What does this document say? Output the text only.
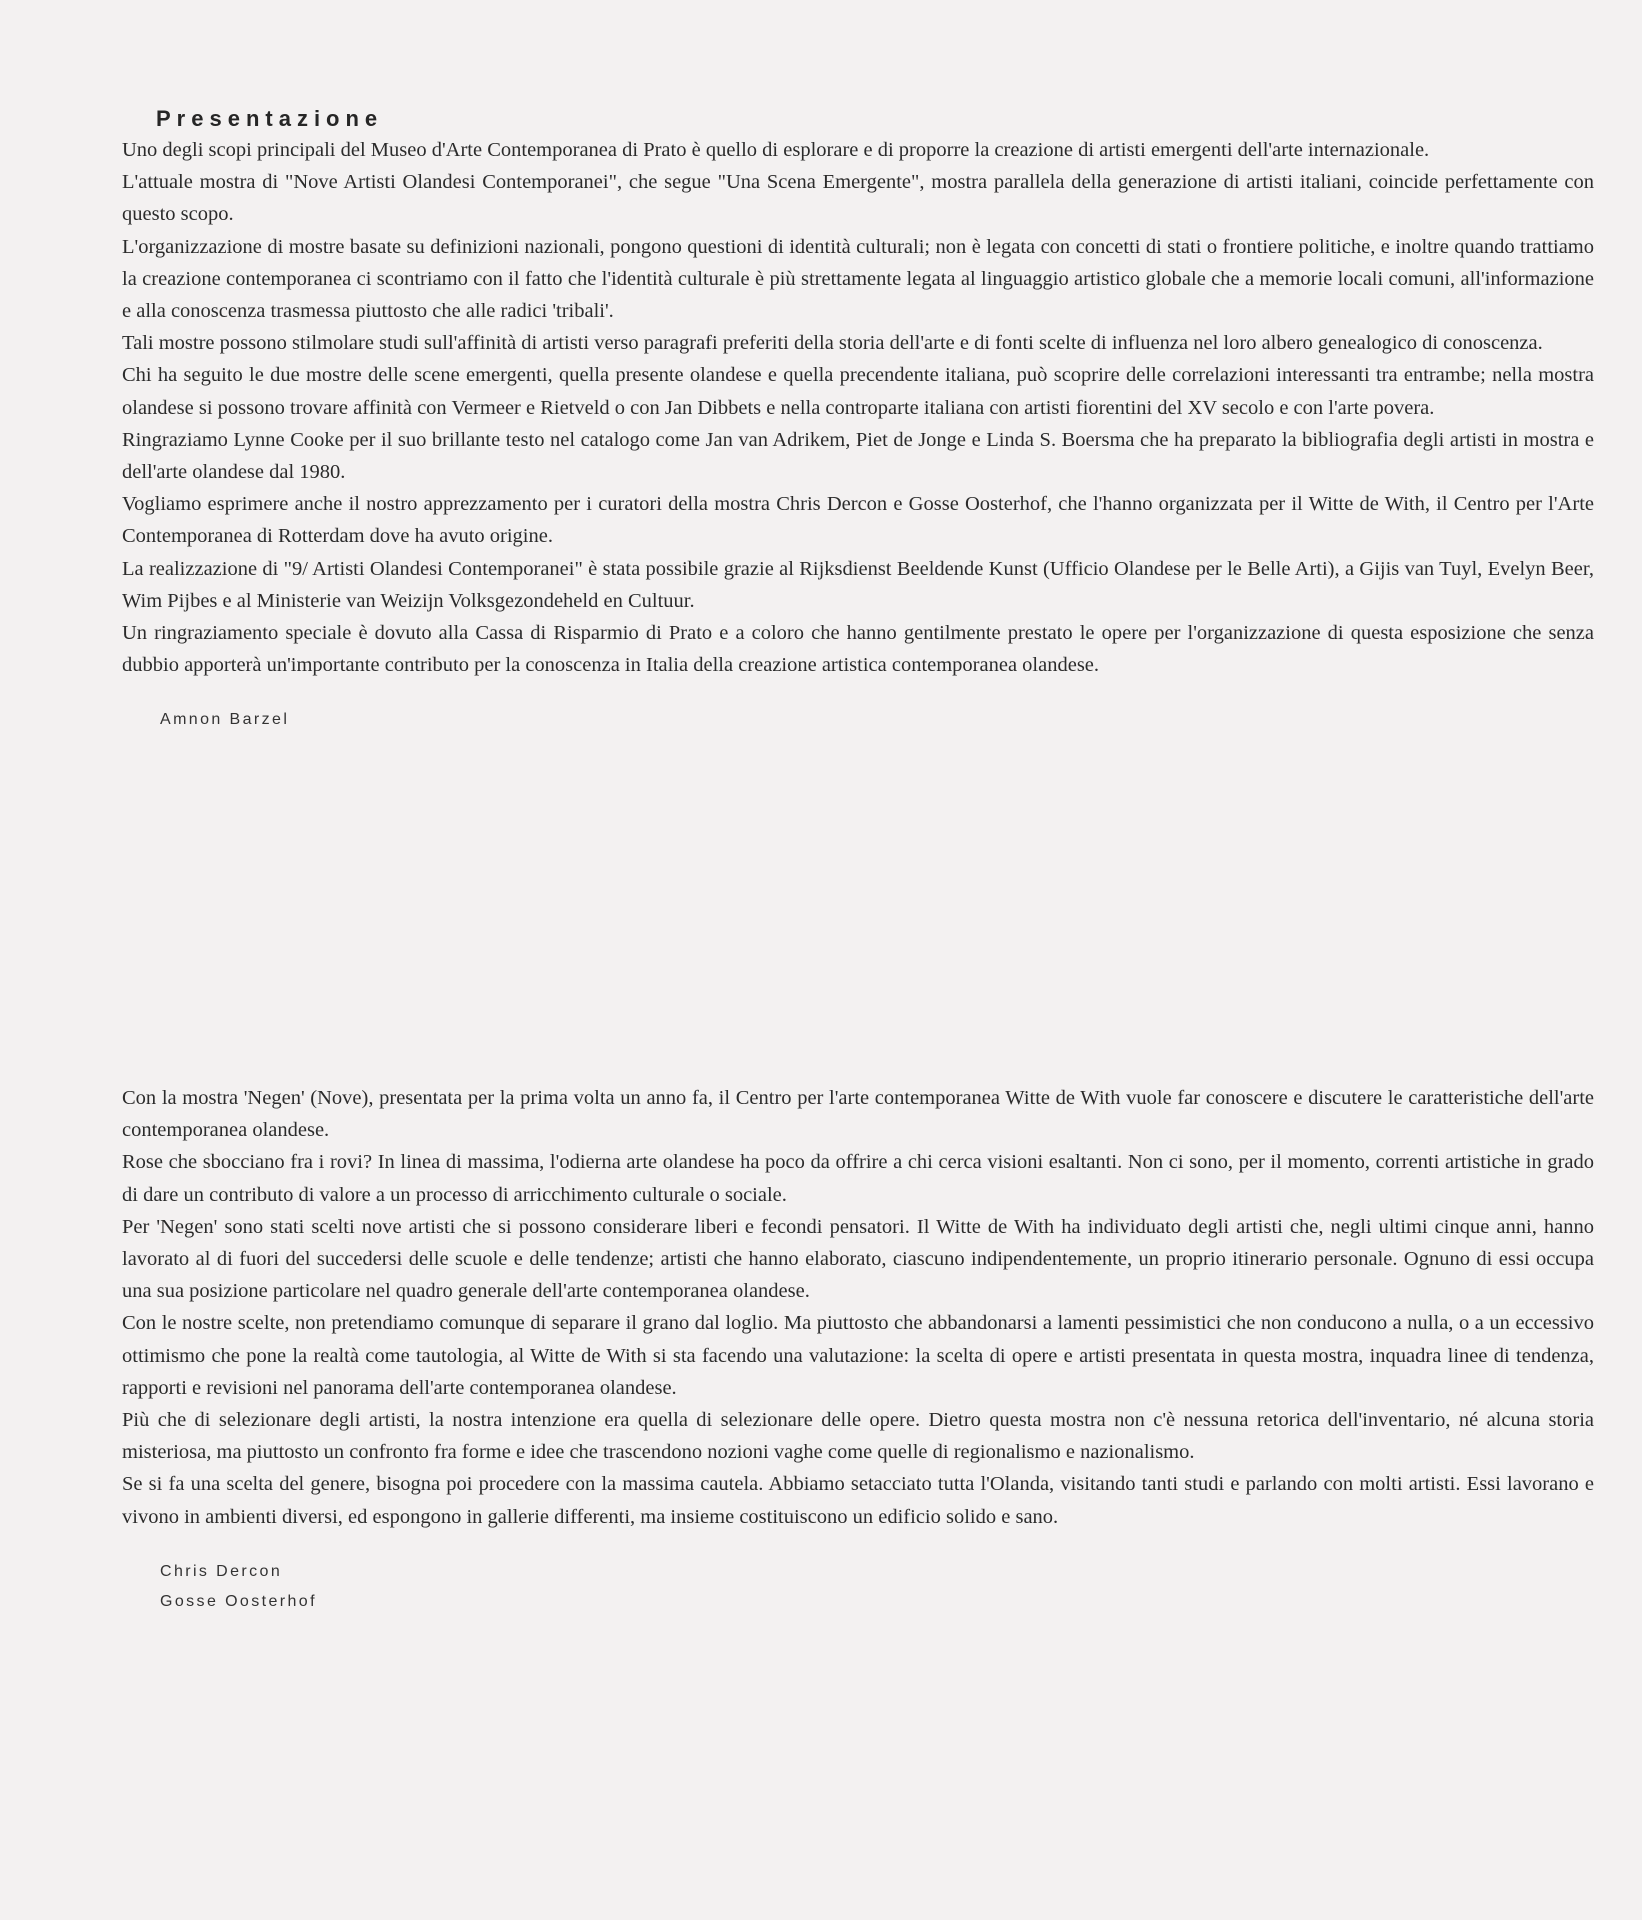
Presentazione

Uno degli scopi principali del Museo d'Arte Contemporanea di Prato è quello di esplorare e di proporre la creazione di artisti emergenti dell'arte internazionale.

L'attuale mostra di "Nove Artisti Olandesi Contemporanei", che segue "Una Scena Emergente", mostra parallela della generazione di artisti italiani, coincide perfettamente con questo scopo.

L'organizzazione di mostre basate su definizioni nazionali, pongono questioni di identità culturali; non è legata con concetti di stati o frontiere politiche, e inoltre quando trattiamo la creazione contemporanea ci scontriamo con il fatto che l'identità culturale è più strettamente legata al linguaggio artistico globale che a memorie locali comuni, all'informazione e alla conoscenza trasmessa piuttosto che alle radici 'tribali'.

Tali mostre possono stilmolare studi sull'affinità di artisti verso paragrafi preferiti della storia dell'arte e di fonti scelte di influenza nel loro albero genealogico di conoscenza.

Chi ha seguito le due mostre delle scene emergenti, quella presente olandese e quella precendente italiana, può scoprire delle correlazioni interessanti tra entrambe; nella mostra olandese si possono trovare affinità con Vermeer e Rietveld o con Jan Dibbets e nella controparte italiana con artisti fiorentini del XV secolo e con l'arte povera.

Ringraziamo Lynne Cooke per il suo brillante testo nel catalogo come Jan van Adrikem, Piet de Jonge e Linda S. Boersma che ha preparato la bibliografia degli artisti in mostra e dell'arte olandese dal 1980.

Vogliamo esprimere anche il nostro apprezzamento per i curatori della mostra Chris Dercon e Gosse Oosterhof, che l'hanno organizzata per il Witte de With, il Centro per l'Arte Contemporanea di Rotterdam dove ha avuto origine.

La realizzazione di "9/ Artisti Olandesi Contemporanei" è stata possibile grazie al Rijksdienst Beeldende Kunst (Ufficio Olandese per le Belle Arti), a Gijis van Tuyl, Evelyn Beer, Wim Pijbes e al Ministerie van Weizijn Volksgezondeheld en Cultuur.

Un ringraziamento speciale è dovuto alla Cassa di Risparmio di Prato e a coloro che hanno gentilmente prestato le opere per l'organizzazione di questa esposizione che senza dubbio apporterà un'importante contributo per la conoscenza in Italia della creazione artistica contemporanea olandese.

Amnon Barzel

Con la mostra 'Negen' (Nove), presentata per la prima volta un anno fa, il Centro per l'arte contemporanea Witte de With vuole far conoscere e discutere le caratteristiche dell'arte contemporanea olandese.

Rose che sbocciano fra i rovi? In linea di massima, l'odierna arte olandese ha poco da offrire a chi cerca visioni esaltanti. Non ci sono, per il momento, correnti artistiche in grado di dare un contributo di valore a un processo di arricchimento culturale o sociale.

Per 'Negen' sono stati scelti nove artisti che si possono considerare liberi e fecondi pensatori. Il Witte de With ha individuato degli artisti che, negli ultimi cinque anni, hanno lavorato al di fuori del succedersi delle scuole e delle tendenze; artisti che hanno elaborato, ciascuno indipendentemente, un proprio itinerario personale. Ognuno di essi occupa una sua posizione particolare nel quadro generale dell'arte contemporanea olandese.

Con le nostre scelte, non pretendiamo comunque di separare il grano dal loglio. Ma piuttosto che abbandonarsi a lamenti pessimistici che non conducono a nulla, o a un eccessivo ottimismo che pone la realtà come tautologia, al Witte de With si sta facendo una valutazione: la scelta di opere e artisti presentata in questa mostra, inquadra linee di tendenza, rapporti e revisioni nel panorama dell'arte contemporanea olandese.

Più che di selezionare degli artisti, la nostra intenzione era quella di selezionare delle opere. Dietro questa mostra non c'è nessuna retorica dell'inventario, né alcuna storia misteriosa, ma piuttosto un confronto fra forme e idee che trascendono nozioni vaghe come quelle di regionalismo e nazionalismo.

Se si fa una scelta del genere, bisogna poi procedere con la massima cautela. Abbiamo setacciato tutta l'Olanda, visitando tanti studi e parlando con molti artisti. Essi lavorano e vivono in ambienti diversi, ed espongono in gallerie differenti, ma insieme costituiscono un edificio solido e sano.

Chris Dercon
Gosse Oosterhof
